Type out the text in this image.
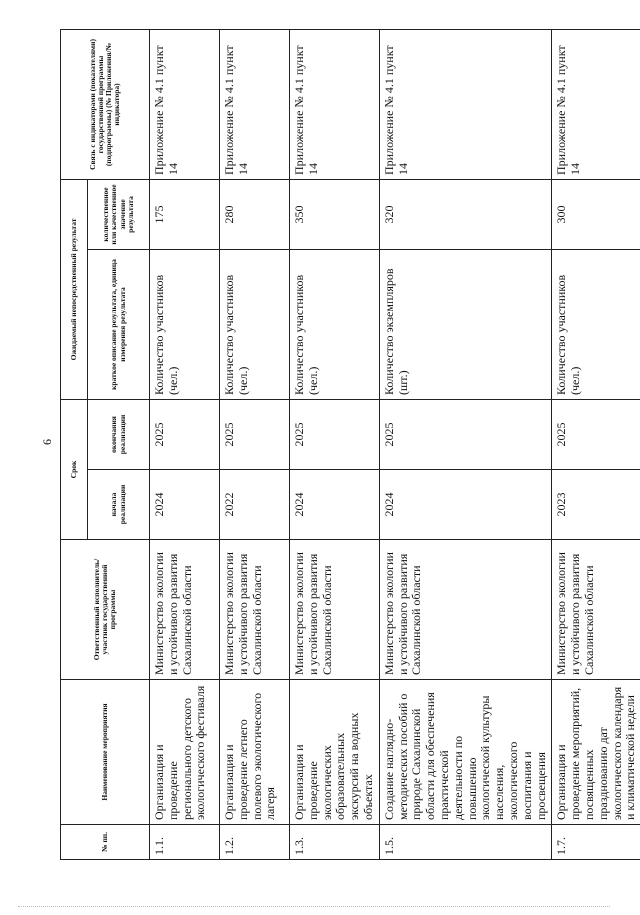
6
№ пп.	Наименование мероприятия	Ответственный исполнитель/участник государственной программы	Срок		Ожидаемый непосредственный результат		Связь с индикаторами (показателями) государственной программы (подпрограммы) (№ Приложения/№ индикатора)
			начала реализации	окончания реализации	краткое описание результата, единица измерения результата	количественное или качественное значение результата	
1.1.	Организация и проведение регионального детского экологического фестиваля	Министерство экологии и устойчивого развития Сахалинской области	2024	2025	Количество участников (чел.)	175	Приложение № 4.1 пункт 14
1.2.	Организация и проведение летнего полевого экологического лагеря	Министерство экологии и устойчивого развития Сахалинской области	2022	2025	Количество участников (чел.)	280	Приложение № 4.1 пункт 14
1.3.	Организация и проведение экологических образовательных экскурсий на водных объектах	Министерство экологии и устойчивого развития Сахалинской области	2024	2025	Количество участников (чел.)	350	Приложение № 4.1 пункт 14
1.5.	Создание наглядно-методических пособий о природе Сахалинской области для обеспечения практической деятельности по повышению экологической культуры населения, экологического воспитания и просвещения	Министерство экологии и устойчивого развития Сахалинской области	2024	2025	Количество экземпляров (шт.)	320	Приложение № 4.1 пункт 14
1.7.	Организация и проведение мероприятий, посвященных празднованию дат экологического календаря и климатической недели	Министерство экологии и устойчивого развития Сахалинской области	2023	2025	Количество участников (чел.)	300	Приложение № 4.1 пункт 14
